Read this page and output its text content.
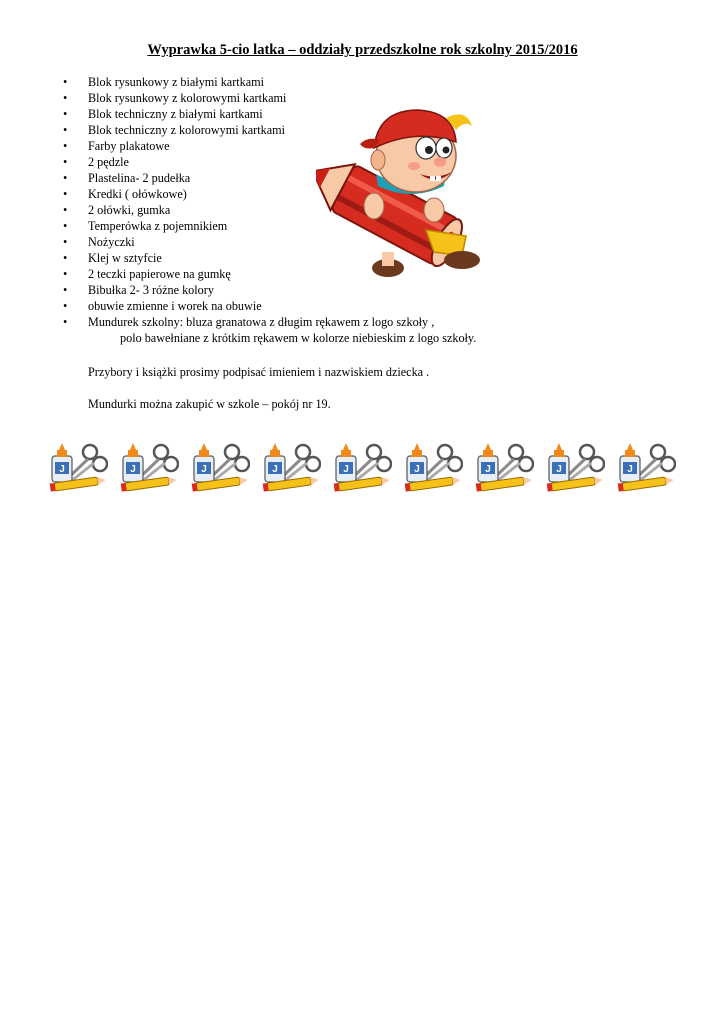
Wyprawka 5-cio latka – oddziały przedszkolne rok szkolny 2015/2016
• Blok rysunkowy z białymi kartkami
• Blok rysunkowy z kolorowymi kartkami
• Blok techniczny z białymi kartkami
• Blok techniczny z kolorowymi kartkami
• Farby plakatowe
• 2 pędzle
• Plastelina- 2 pudełka
• Kredki ( ołówkowe)
• 2 ołówki, gumka
• Temperówka z pojemnikiem
• Nożyczki
• Klej w sztyfcie
• 2 teczki papierowe na gumkę
• Bibułka 2- 3 różne kolory
• obuwie zmienne i worek na obuwie
• Mundurek szkolny: bluza granatowa z długim rękawem z logo szkoły ,
polo bawełniane z krótkim rękawem w kolorze niebieskim z logo szkoły.
Przybory i książki prosimy podpisać imieniem i nazwiskiem dziecka .
Mundurki można zakupić w szkole – pokój nr 19.
